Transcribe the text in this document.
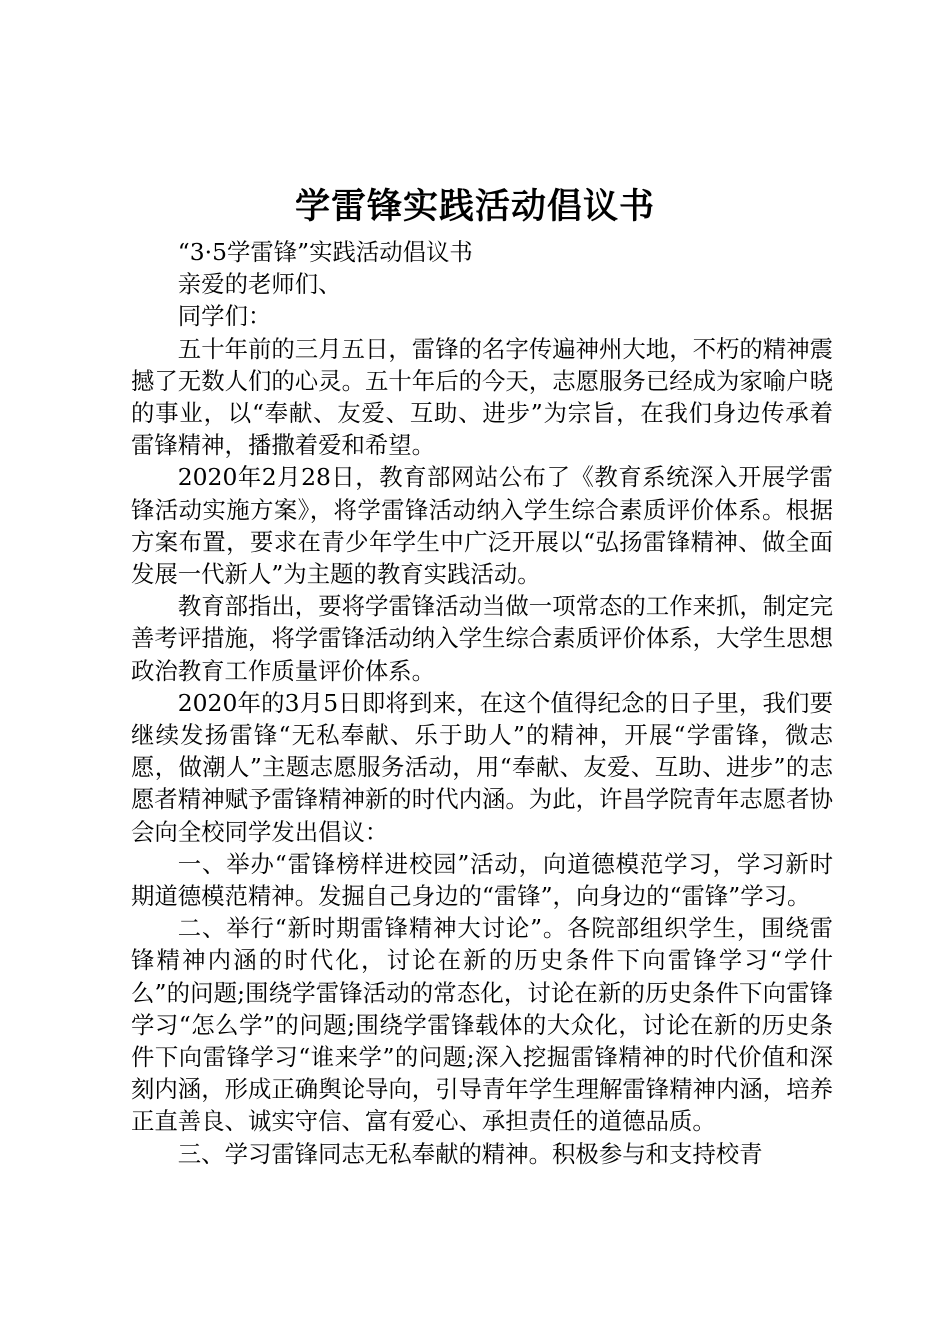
学雷锋实践活动倡议书

“3·5学雷锋”实践活动倡议书

亲爱的老师们、

同学们：

五十年前的三月五日，雷锋的名字传遍神州大地，不朽的精神震撼了无数人们的心灵。五十年后的今天，志愿服务已经成为家喻户晓的事业，以“奉献、友爱、互助、进步”为宗旨，在我们身边传承着雷锋精神，播撒着爱和希望。

2020年2月28日，教育部网站公布了《教育系统深入开展学雷锋活动实施方案》，将学雷锋活动纳入学生综合素质评价体系。根据方案布置，要求在青少年学生中广泛开展以“弘扬雷锋精神、做全面发展一代新人”为主题的教育实践活动。

教育部指出，要将学雷锋活动当做一项常态的工作来抓，制定完善考评措施，将学雷锋活动纳入学生综合素质评价体系，大学生思想政治教育工作质量评价体系。

2020年的3月5日即将到来，在这个值得纪念的日子里，我们要继续发扬雷锋“无私奉献、乐于助人”的精神，开展“学雷锋，微志愿，做潮人”主题志愿服务活动，用“奉献、友爱、互助、进步”的志愿者精神赋予雷锋精神新的时代内涵。为此，许昌学院青年志愿者协会向全校同学发出倡议：

一、举办“雷锋榜样进校园”活动，向道德模范学习，学习新时期道德模范精神。发掘自己身边的“雷锋”，向身边的“雷锋”学习。

二、举行“新时期雷锋精神大讨论”。各院部组织学生，围绕雷锋精神内涵的时代化，讨论在新的历史条件下向雷锋学习“学什么”的问题;围绕学雷锋活动的常态化，讨论在新的历史条件下向雷锋学习“怎么学”的问题;围绕学雷锋载体的大众化，讨论在新的历史条件下向雷锋学习“谁来学”的问题;深入挖掘雷锋精神的时代价值和深刻内涵，形成正确舆论导向，引导青年学生理解雷锋精神内涵，培养正直善良、诚实守信、富有爱心、承担责任的道德品质。

三、学习雷锋同志无私奉献的精神。积极参与和支持校青
